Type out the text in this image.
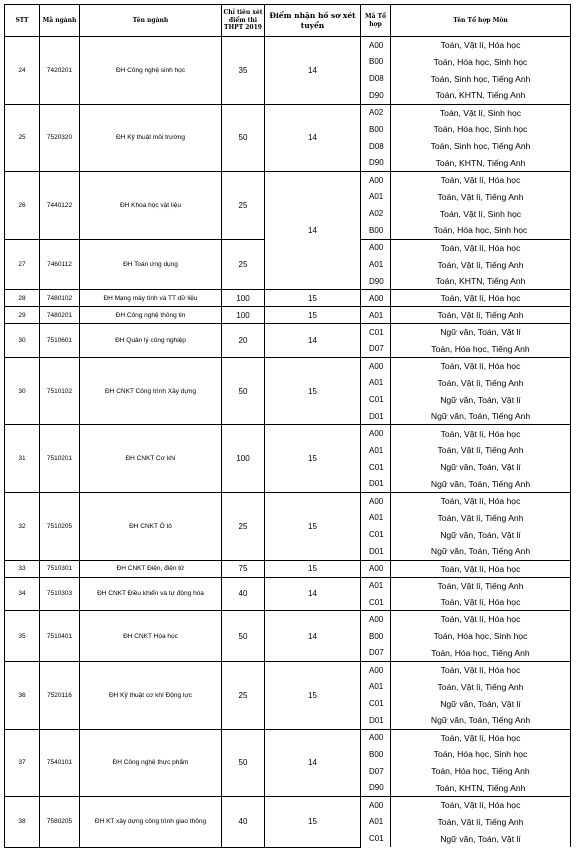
STT	Mã ngành	Tên ngành	Chỉ tiêu xét điểm thi THPT 2019	Điểm nhận hồ sơ xét tuyển	Mã Tổ hợp	Tên Tổ hợp Môn
24	7420201	ĐH Công nghệ sinh học	35	14	A00	Toán, Vật lí, Hóa học
					B00	Toán, Hóa học, Sinh học
					D08	Toán, Sinh học, Tiếng Anh
					D90	Toán, KHTN, Tiếng Anh
25	7520320	ĐH Kỹ thuật môi trường	50	14	A02	Toán, Vật lí, Sinh học
					B00	Toán, Hóa học, Sinh học
					D08	Toán, Sinh học, Tiếng Anh
					D90	Toán, KHTN, Tiếng Anh
26	7440122	ĐH Khoa học vật liệu	25	14	A00	Toán, Vật lí, Hóa học
					A01	Toán, Vật lí, Tiếng Anh
					A02	Toán, Vật lí, Sinh học
					B00	Toán, Hóa học, Sinh học
27	7460112	ĐH Toán ứng dụng	25		A00	Toán, Vật lí, Hóa học
					A01	Toán, Vật lí, Tiếng Anh
					D90	Toán, KHTN, Tiếng Anh
28	7480102	ĐH Mạng máy tính và TT dữ liệu	100	15	A00	Toán, Vật lí, Hóa học
29	7480201	ĐH Công nghệ thông tin	100	15	A01	Toán, Vật lí, Tiếng Anh
30	7510601	ĐH Quản lý công nghiệp	20	14	C01	Ngữ văn, Toán, Vật lí
					D07	Toán, Hóa học, Tiếng Anh
30	7510102	ĐH CNKT Công trình Xây dựng	50	15	A00	Toán, Vật lí, Hóa học
					A01	Toán, Vật lí, Tiếng Anh
					C01	Ngữ văn, Toán, Vật lí
					D01	Ngữ văn, Toán, Tiếng Anh
31	7510201	ĐH CNKT Cơ khí	100	15	A00	Toán, Vật lí, Hóa học
					A01	Toán, Vật lí, Tiếng Anh
					C01	Ngữ văn, Toán, Vật lí
					D01	Ngữ văn, Toán, Tiếng Anh
32	7510205	ĐH CNKT Ô tô	25	15	A00	Toán, Vật lí, Hóa học
					A01	Toán, Vật lí, Tiếng Anh
					C01	Ngữ văn, Toán, Vật lí
					D01	Ngữ văn, Toán, Tiếng Anh
33	7510301	ĐH CNKT Điện, điện tử	75	15	A00	Toán, Vật lí, Hóa học
34	7510303	ĐH CNKT Điều khiển và tự động hóa	40	14	A01	Toán, Vật lí, Tiếng Anh
					C01	Toán, Vật lí, Hóa học
35	7510401	ĐH CNKT Hóa học	50	14	A00	Toán, Vật lí, Hóa học
					B00	Toán, Hóa học, Sinh học
					D07	Toán, Hóa học, Tiếng Anh
36	7520116	ĐH Kỹ thuật cơ khí Động lực	25	15	A00	Toán, Vật lí, Hóa học
					A01	Toán, Vật lí, Tiếng Anh
					C01	Ngữ văn, Toán, Vật lí
					D01	Ngữ văn, Toán, Tiếng Anh
37	7540101	ĐH Công nghệ thực phẩm	50	14	A00	Toán, Vật lí, Hóa học
					B00	Toán, Hóa học, Sinh học
					D07	Toán, Hóa học, Tiếng Anh
					D90	Toán, KHTN, Tiếng Anh
38	7580205	ĐH KT xây dựng công trình giao thông	40	15	A00	Toán, Vật lí, Hóa học
					A01	Toán, Vật lí, Tiếng Anh
					C01	Ngữ văn, Toán, Vật lí
